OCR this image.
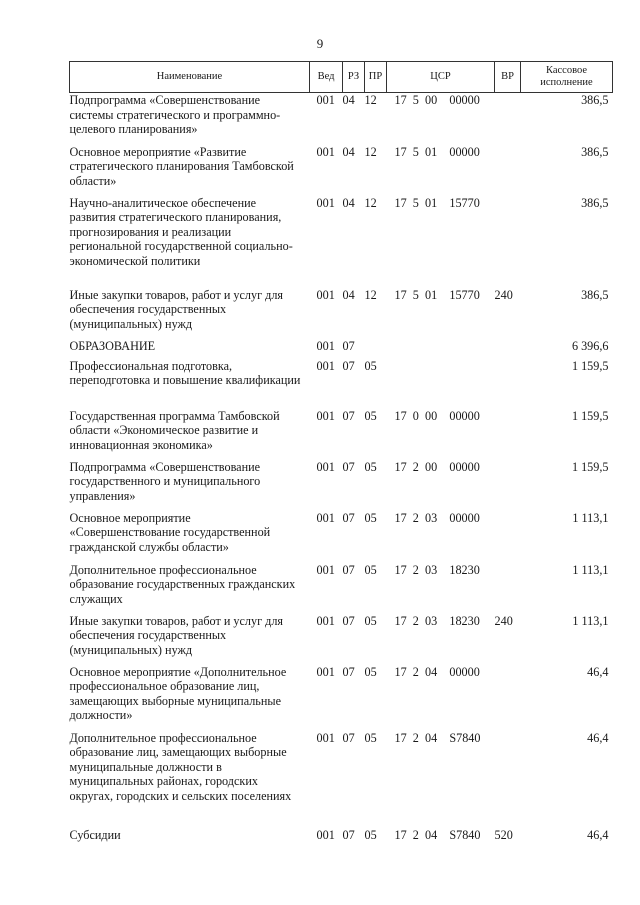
9
Наименование	Вед	РЗ	ПР	ЦСР	ВР	Кассовое исполнение
Подпрограмма «Совершенствование системы стратегического и программно-целевого планирования»	001	04	12	17  5  00    00000		386,5
Основное мероприятие «Развитие стратегического планирования Тамбовской области»	001	04	12	17  5  01    00000		386,5
Научно-аналитическое обеспечение развития стратегического планирования, прогнозирования и реализации региональной государственной социально-экономической политики	001	04	12	17  5  01    15770		386,5
Иные закупки товаров, работ и услуг для обеспечения государственных (муниципальных) нужд	001	04	12	17  5  01    15770	240	386,5
ОБРАЗОВАНИЕ	001	07				6 396,6
Профессиональная подготовка, переподготовка и повышение квалификации	001	07	05			1 159,5
Государственная программа Тамбовской области «Экономическое развитие и инновационная экономика»	001	07	05	17  0  00    00000		1 159,5
Подпрограмма «Совершенствование государственного и муниципального управления»	001	07	05	17  2  00    00000		1 159,5
Основное мероприятие «Совершенствование государственной гражданской службы области»	001	07	05	17  2  03    00000		1 113,1
Дополнительное профессиональное образование государственных гражданских служащих	001	07	05	17  2  03    18230		1 113,1
Иные закупки товаров, работ и услуг для обеспечения государственных (муниципальных) нужд	001	07	05	17  2  03    18230	240	1 113,1
Основное мероприятие «Дополнительное профессиональное образование лиц, замещающих выборные муниципальные должности»	001	07	05	17  2  04    00000		46,4
Дополнительное профессиональное образование лиц, замещающих выборные муниципальные должности в муниципальных районах, городских округах, городских и сельских поселениях	001	07	05	17  2  04    S7840		46,4
Субсидии	001	07	05	17  2  04    S7840	520	46,4
